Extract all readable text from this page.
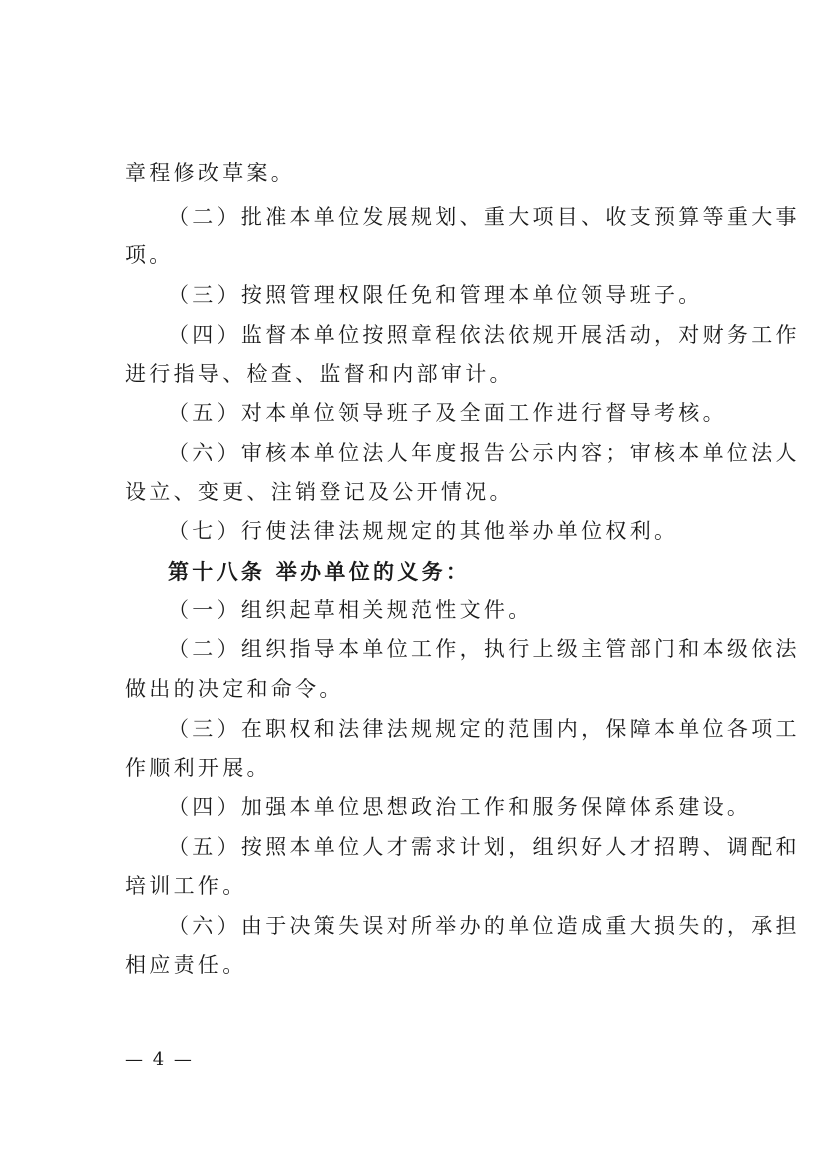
章程修改草案。
（二）批准本单位发展规划、重大项目、收支预算等重大事
项。
（三）按照管理权限任免和管理本单位领导班子。
（四）监督本单位按照章程依法依规开展活动，对财务工作
进行指导、检查、监督和内部审计。
（五）对本单位领导班子及全面工作进行督导考核。
（六）审核本单位法人年度报告公示内容；审核本单位法人
设立、变更、注销登记及公开情况。
（七）行使法律法规规定的其他举办单位权利。
第十八条 举办单位的义务：
（一）组织起草相关规范性文件。
（二）组织指导本单位工作，执行上级主管部门和本级依法
做出的决定和命令。
（三）在职权和法律法规规定的范围内，保障本单位各项工
作顺利开展。
（四）加强本单位思想政治工作和服务保障体系建设。
（五）按照本单位人才需求计划，组织好人才招聘、调配和
培训工作。
（六）由于决策失误对所举办的单位造成重大损失的，承担
相应责任。
— 4 —
